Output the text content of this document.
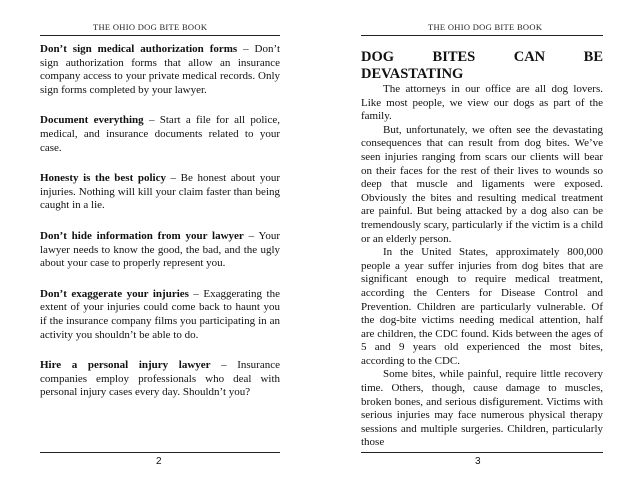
THE OHIO DOG BITE BOOK

Don’t sign medical authorization forms – Don’t sign authorization forms that allow an insurance company access to your private medical records. Only sign forms completed by your lawyer.

Document everything – Start a file for all police, medical, and insurance documents related to your case.

Honesty is the best policy – Be honest about your injuries. Nothing will kill your claim faster than being caught in a lie.

Don’t hide information from your lawyer – Your lawyer needs to know the good, the bad, and the ugly about your case to properly represent you.

Don’t exaggerate your injuries – Exaggerating the extent of your injuries could come back to haunt you if the insurance company films you participating in an activity you shouldn’t be able to do.

Hire a personal injury lawyer – Insurance companies employ professionals who deal with personal injury cases every day. Shouldn’t you?

2
THE OHIO DOG BITE BOOK
DOG BITES CAN BE DEVASTATING

The attorneys in our office are all dog lovers. Like most people, we view our dogs as part of the family.

But, unfortunately, we often see the devastating consequences that can result from dog bites. We’ve seen injuries ranging from scars our clients will bear on their faces for the rest of their lives to wounds so deep that muscle and ligaments were exposed. Obviously the bites and resulting medical treatment are painful. But being attacked by a dog also can be tremendously scary, particularly if the victim is a child or an elderly person.

In the United States, approximately 800,000 people a year suffer injuries from dog bites that are significant enough to require medical treatment, according the Centers for Disease Control and Prevention. Children are particularly vulnerable. Of the dog-bite victims needing medical attention, half are children, the CDC found. Kids between the ages of 5 and 9 years old experienced the most bites, according to the CDC.

Some bites, while painful, require little recovery time. Others, though, cause damage to muscles, broken bones, and serious disfigurement. Victims with serious injuries may face numerous physical therapy sessions and multiple surgeries. Children, particularly those

3
